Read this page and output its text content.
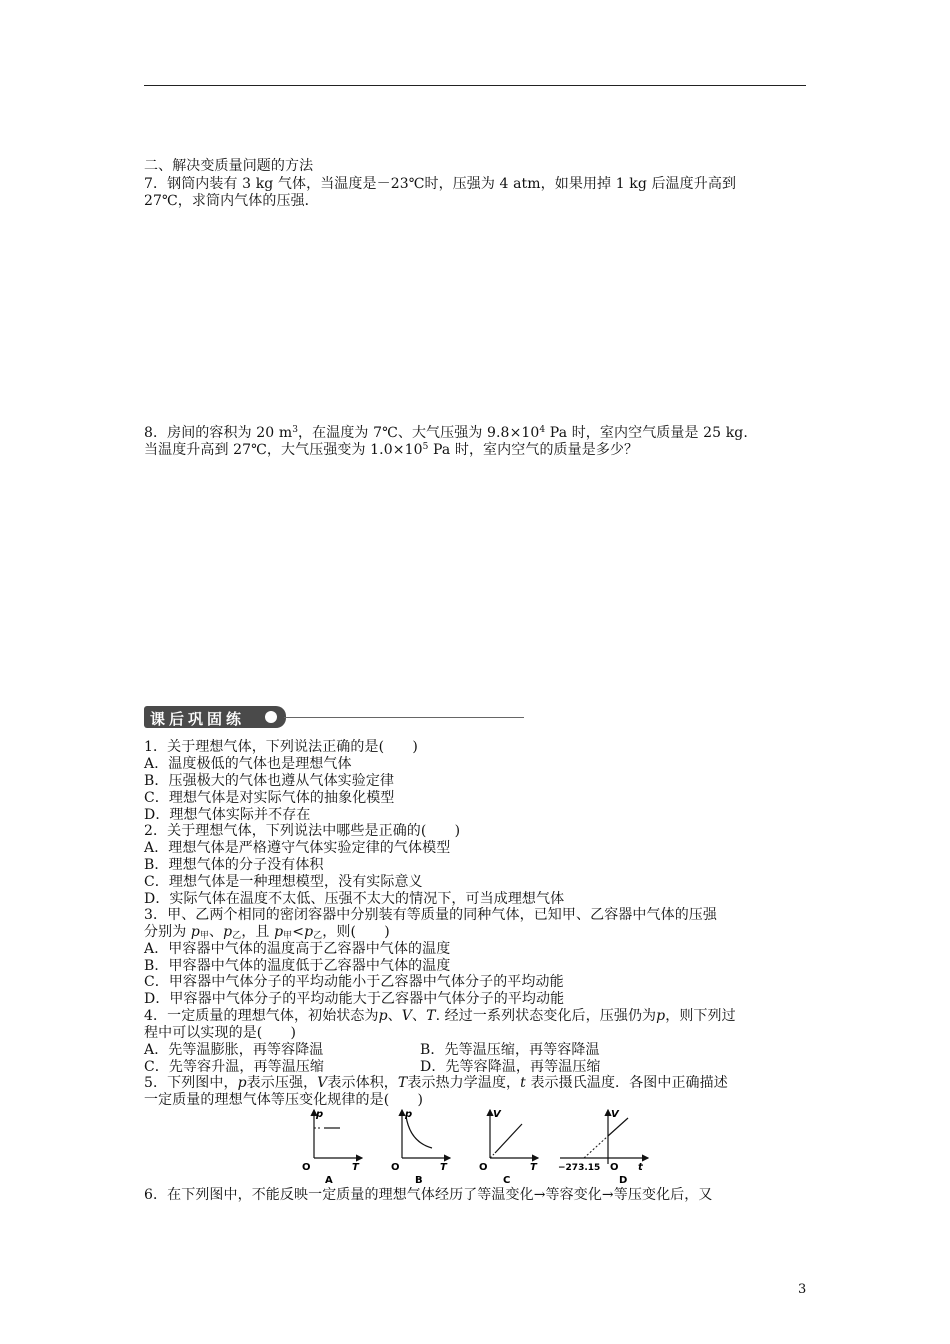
二、解决变质量问题的方法
7．钢筒内装有 3 kg 气体，当温度是－23℃时，压强为 4 atm，如果用掉 1 kg 后温度升高到
27℃，求筒内气体的压强．
8．房间的容积为 20 $m^3$，在温度为 7℃、大气压强为 $9.8\times 10^4$ Pa 时，室内空气质量是 25 kg.
当温度升高到 27℃，大气压强变为 $1.0\times 10^5$ Pa 时，室内空气的质量是多少？
课后巩固练
1．关于理想气体，下列说法正确的是(　　)
A．温度极低的气体也是理想气体
B．压强极大的气体也遵从气体实验定律
C．理想气体是对实际气体的抽象化模型
D．理想气体实际并不存在
2．关于理想气体，下列说法中哪些是正确的(　　)
A．理想气体是严格遵守气体实验定律的气体模型
B．理想气体的分子没有体积
C．理想气体是一种理想模型，没有实际意义
D．实际气体在温度不太低、压强不太大的情况下，可当成理想气体
3．甲、乙两个相同的密闭容器中分别装有等质量的同种气体，已知甲、乙容器中气体的压强
分别为 $p_甲$、$p_乙$，且 $p_甲<p_乙$，则(　　)
A．甲容器中气体的温度高于乙容器中气体的温度
B．甲容器中气体的温度低于乙容器中气体的温度
C．甲容器中气体分子的平均动能小于乙容器中气体分子的平均动能
D．甲容器中气体分子的平均动能大于乙容器中气体分子的平均动能
4．一定质量的理想气体，初始状态为p、V、T. 经过一系列状态变化后，压强仍为p，则下列过
程中可以实现的是(　　)
A．先等温膨胀，再等容降温	B．先等温压缩，再等容降温
C．先等容升温，再等温压缩	D．先等容降温，再等温压缩
5．下列图中，p表示压强，V表示体积，T表示热力学温度，t 表示摄氏温度．各图中正确描述
一定质量的理想气体等压变化规律的是(　　)
p
O	T
A
p
O	T
B
V
O	T
C
V
−273.15 O t
D
6．在下列图中，不能反映一定质量的理想气体经历了等温变化→等容变化→等压变化后，又
3
